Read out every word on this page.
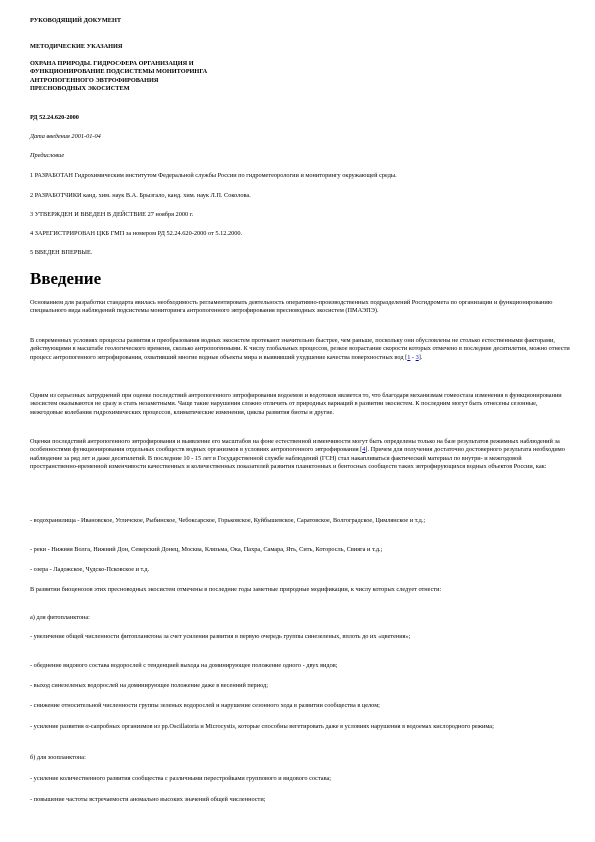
РУКОВОДЯЩИЙ ДОКУМЕНТ

МЕТОДИЧЕСКИЕ УКАЗАНИЯ

ОХРАНА ПРИРОДЫ. ГИДРОСФЕРА ОРГАНИЗАЦИЯ И
ФУНКЦИОНИРОВАНИЕ ПОДСИСТЕМЫ МОНИТОРИНГА
АНТРОПОГЕННОГО ЭВТРОФИРОВАНИЯ
ПРЕСНОВОДНЫХ ЭКОСИСТЕМ

РД 52.24.620-2000

Дата введения 2001-01-04

Предисловие

1 РАЗРАБОТАН Гидрохимическим институтом Федеральной службы России по гидрометеорологии и мониторингу окружающей среды.

2 РАЗРАБОТЧИКИ канд. хим. наук В.А. Брызгало, канд. хим. наук Л.П. Соколова.

3 УТВЕРЖДЕН И ВВЕДЕН В ДЕЙСТВИЕ 27 ноября 2000 г.

4 ЗАРЕГИСТРИРОВАН ЦКБ ГМП за номером РД 52.24.620-2000 от 5.12.2000.

5 ВВЕДЕН ВПЕРВЫЕ.

Введение

Основанием для разработки стандарта явилась необходимость регламентировать деятельность оперативно-производственных подразделений Росгидромета по организации и функционированию специального вида наблюдений подсистемы мониторинга антропогенного эвтрофирования пресноводных экосистем (ПМАЭПЭ).

В современных условиях процессы развития и преобразования водных экосистем протекают значительно быстрее, чем раньше, поскольку они обусловлены не столько естественными факторами, действующими в масштабе геологического времени, сколько антропогенными. К числу глобальных процессов, резкое возрастание скорости которых отмечено в последние десятилетия, можно отнести процесс антропогенного эвтрофирования, охвативший многие водные объекты мира и выявивший ухудшение качества поверхностных вод [1 - 3].

Одним из серьезных затруднений при оценке последствий антропогенного эвтрофирования водоемов и водотоков является то, что благодаря механизмам гомеостаза изменения в функционировании экосистем оказываются не сразу и стать незаметными. Чаще такие нарушения сложно отличить от природных вариаций в развитии экосистем. К последним могут быть отнесены сезонные, межгодовые колебания гидрохимических процессов, климатические изменения, циклы развития биоты и другие.

Оценки последствий антропогенного эвтрофирования и выявление его масштабов на фоне естественной изменчивости могут быть определены только на базе результатов режимных наблюдений за особенностями функционирования отдельных сообществ водных организмов в условиях антропогенного эвтрофирования [4]. Причем для получения достаточно достоверного результата необходимо наблюдение за ряд лет и даже десятилетий. В последние 10 - 15 лет в Государственной службе наблюдений (ГСН) стал накапливаться фактический материал по внутри- и межгодовой пространственно-временной изменчивости качественных и количественных показателей развития планктонных и бентосных сообществ таких эвтрофирующихся водных объектов России, как:

- водохранилища - Ивановское, Угличское, Рыбинское, Чебоксарское, Горьковское, Куйбышевское, Саратовское, Волгоградское, Цимлянское и т.д.;

- реки - Нижняя Волга, Нижний Дон, Северский Донец, Москва, Клязьма, Ока, Пахра, Самара, Ять, Сить, Которосль, Свияга и т.д.;

- озера - Ладожское, Чудско-Псковское и т.д.

В развитии биоценозов этих пресноводных экосистем отмечены в последние годы заметные природные модификации, к числу которых следует отнести:

а) для фитопланктона:

- увеличение общей численности фитопланктона за счет усиления развития в первую очередь группы синезеленых, вплоть до их «цветения»;

- обеднение видового состава водорослей с тенденцией выхода на доминирующее положение одного - двух видов;

- выход синезеленых водорослей на доминирующее положение даже в весенний период;

- снижение относительной численности группы зеленых водорослей и нарушение сезонного хода в развитии сообщества в целом;

- усиление развития α-сапробных организмов из рр.Oscillatoria и Microcystis, которые способны вегетировать даже в условиях нарушения в водоемах кислородного режима;

б) для зоопланктона:

- усиление количественного развития сообщества с различными перестройками группового и видового состава;

- повышение частоты встречаемости аномально высоких значений общей численности;
